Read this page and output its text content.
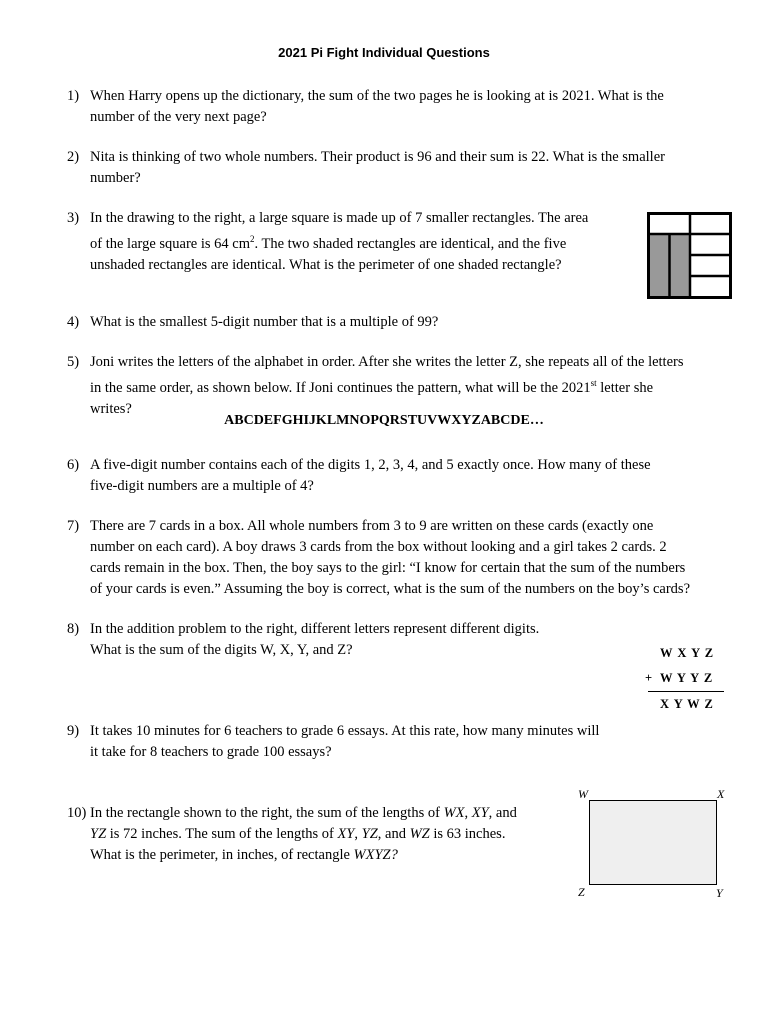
2021 Pi Fight Individual Questions
1) When Harry opens up the dictionary, the sum of the two pages he is looking at is 2021. What is the
number of the very next page?
2) Nita is thinking of two whole numbers. Their product is 96 and their sum is 22. What is the smaller
number?
3) In the drawing to the right, a large square is made up of 7 smaller rectangles. The area
of the large square is 64 $cm^2$. The two shaded rectangles are identical, and the five
unshaded rectangles are identical. What is the perimeter of one shaded rectangle?
4) What is the smallest 5-digit number that is a multiple of 99?
5) Joni writes the letters of the alphabet in order. After she writes the letter Z, she repeats all of the letters
in the same order, as shown below. If Joni continues the pattern, what will be the 2021st letter she
writes?
ABCDEFGHIJKLMNOPQRSTUVWXYZABCDE…
6) A five-digit number contains each of the digits 1, 2, 3, 4, and 5 exactly once. How many of these
five-digit numbers are a multiple of 4?
7) There are 7 cards in a box. All whole numbers from 3 to 9 are written on these cards (exactly one
number on each card). A boy draws 3 cards from the box without looking and a girl takes 2 cards. 2
cards remain in the box. Then, the boy says to the girl: “I know for certain that the sum of the numbers
of your cards is even.” Assuming the boy is correct, what is the sum of the numbers on the boy’s cards?
8) In the addition problem to the right, different letters represent different digits.
What is the sum of the digits W, X, Y, and Z?	W X Y Z
+ W Y Y Z
X Y W Z
9) It takes 10 minutes for 6 teachers to grade 6 essays. At this rate, how many minutes will
it take for 8 teachers to grade 100 essays?
10) In the rectangle shown to the right, the sum of the lengths of WX, XY, and
YZ is 72 inches. The sum of the lengths of XY, YZ, and WZ is 63 inches.
What is the perimeter, in inches, of rectangle WXYZ?
W	X
Z	Y
